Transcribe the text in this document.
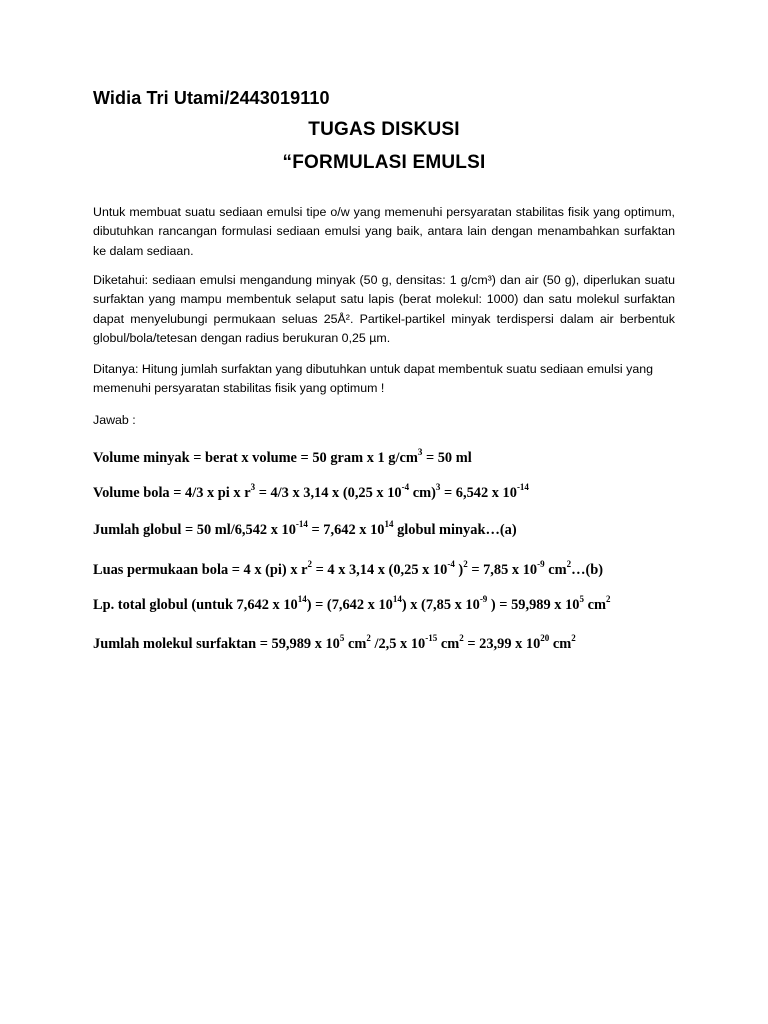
Widia Tri Utami/2443019110
TUGAS DISKUSI
“FORMULASI EMULSI

Untuk membuat suatu sediaan emulsi tipe o/w yang memenuhi persyaratan stabilitas fisik yang optimum, dibutuhkan rancangan formulasi sediaan emulsi yang baik, antara lain dengan menambahkan surfaktan ke dalam sediaan.

Diketahui: sediaan emulsi mengandung minyak (50 g, densitas: 1 g/cm³) dan air (50 g), diperlukan suatu surfaktan yang mampu membentuk selaput satu lapis (berat molekul: 1000) dan satu molekul surfaktan dapat menyelubungi permukaan seluas 25Å². Partikel-partikel minyak terdispersi dalam air berbentuk globul/bola/tetesan dengan radius berukuran 0,25 µm.

Ditanya: Hitung jumlah surfaktan yang dibutuhkan untuk dapat membentuk suatu sediaan emulsi yang memenuhi persyaratan stabilitas fisik yang optimum !

Jawab :

Volume minyak = berat x volume = 50 gram x 1 $g/cm^3 = 50$ ml
Volume bola = 4/3 x pi x $r^3 = 4/3$ x 3,14 x (0,25 x $10^{-4}$ cm)$^3$ = 6,542 x $10^{-14}$
Jumlah globul = 50 ml/6,542 x $10^{-14} = 7,642$ x $10^{14}$ globul minyak…(a)
Luas permukaan bola = 4 x (pi) x $r^2 = 4$ x 3,14 x (0,25 x $10^{-4}$ )$^2$ = 7,85 x $10^{-9}$ $cm^2\dots(b)$
Lp. total globul (untuk 7,642 x $10^{14}) = (7,642$ x $10^{14}$) x (7,85 x $10^{-9}$ ) = 59,989 x $10^5$ $cm^2$
Jumlah molekul surfaktan = 59,989 x $10^5$ $cm^2$ /2,5 x $10^{-15}$ $cm^2 = 23,99$ x $10^{20}$ $cm^2$
